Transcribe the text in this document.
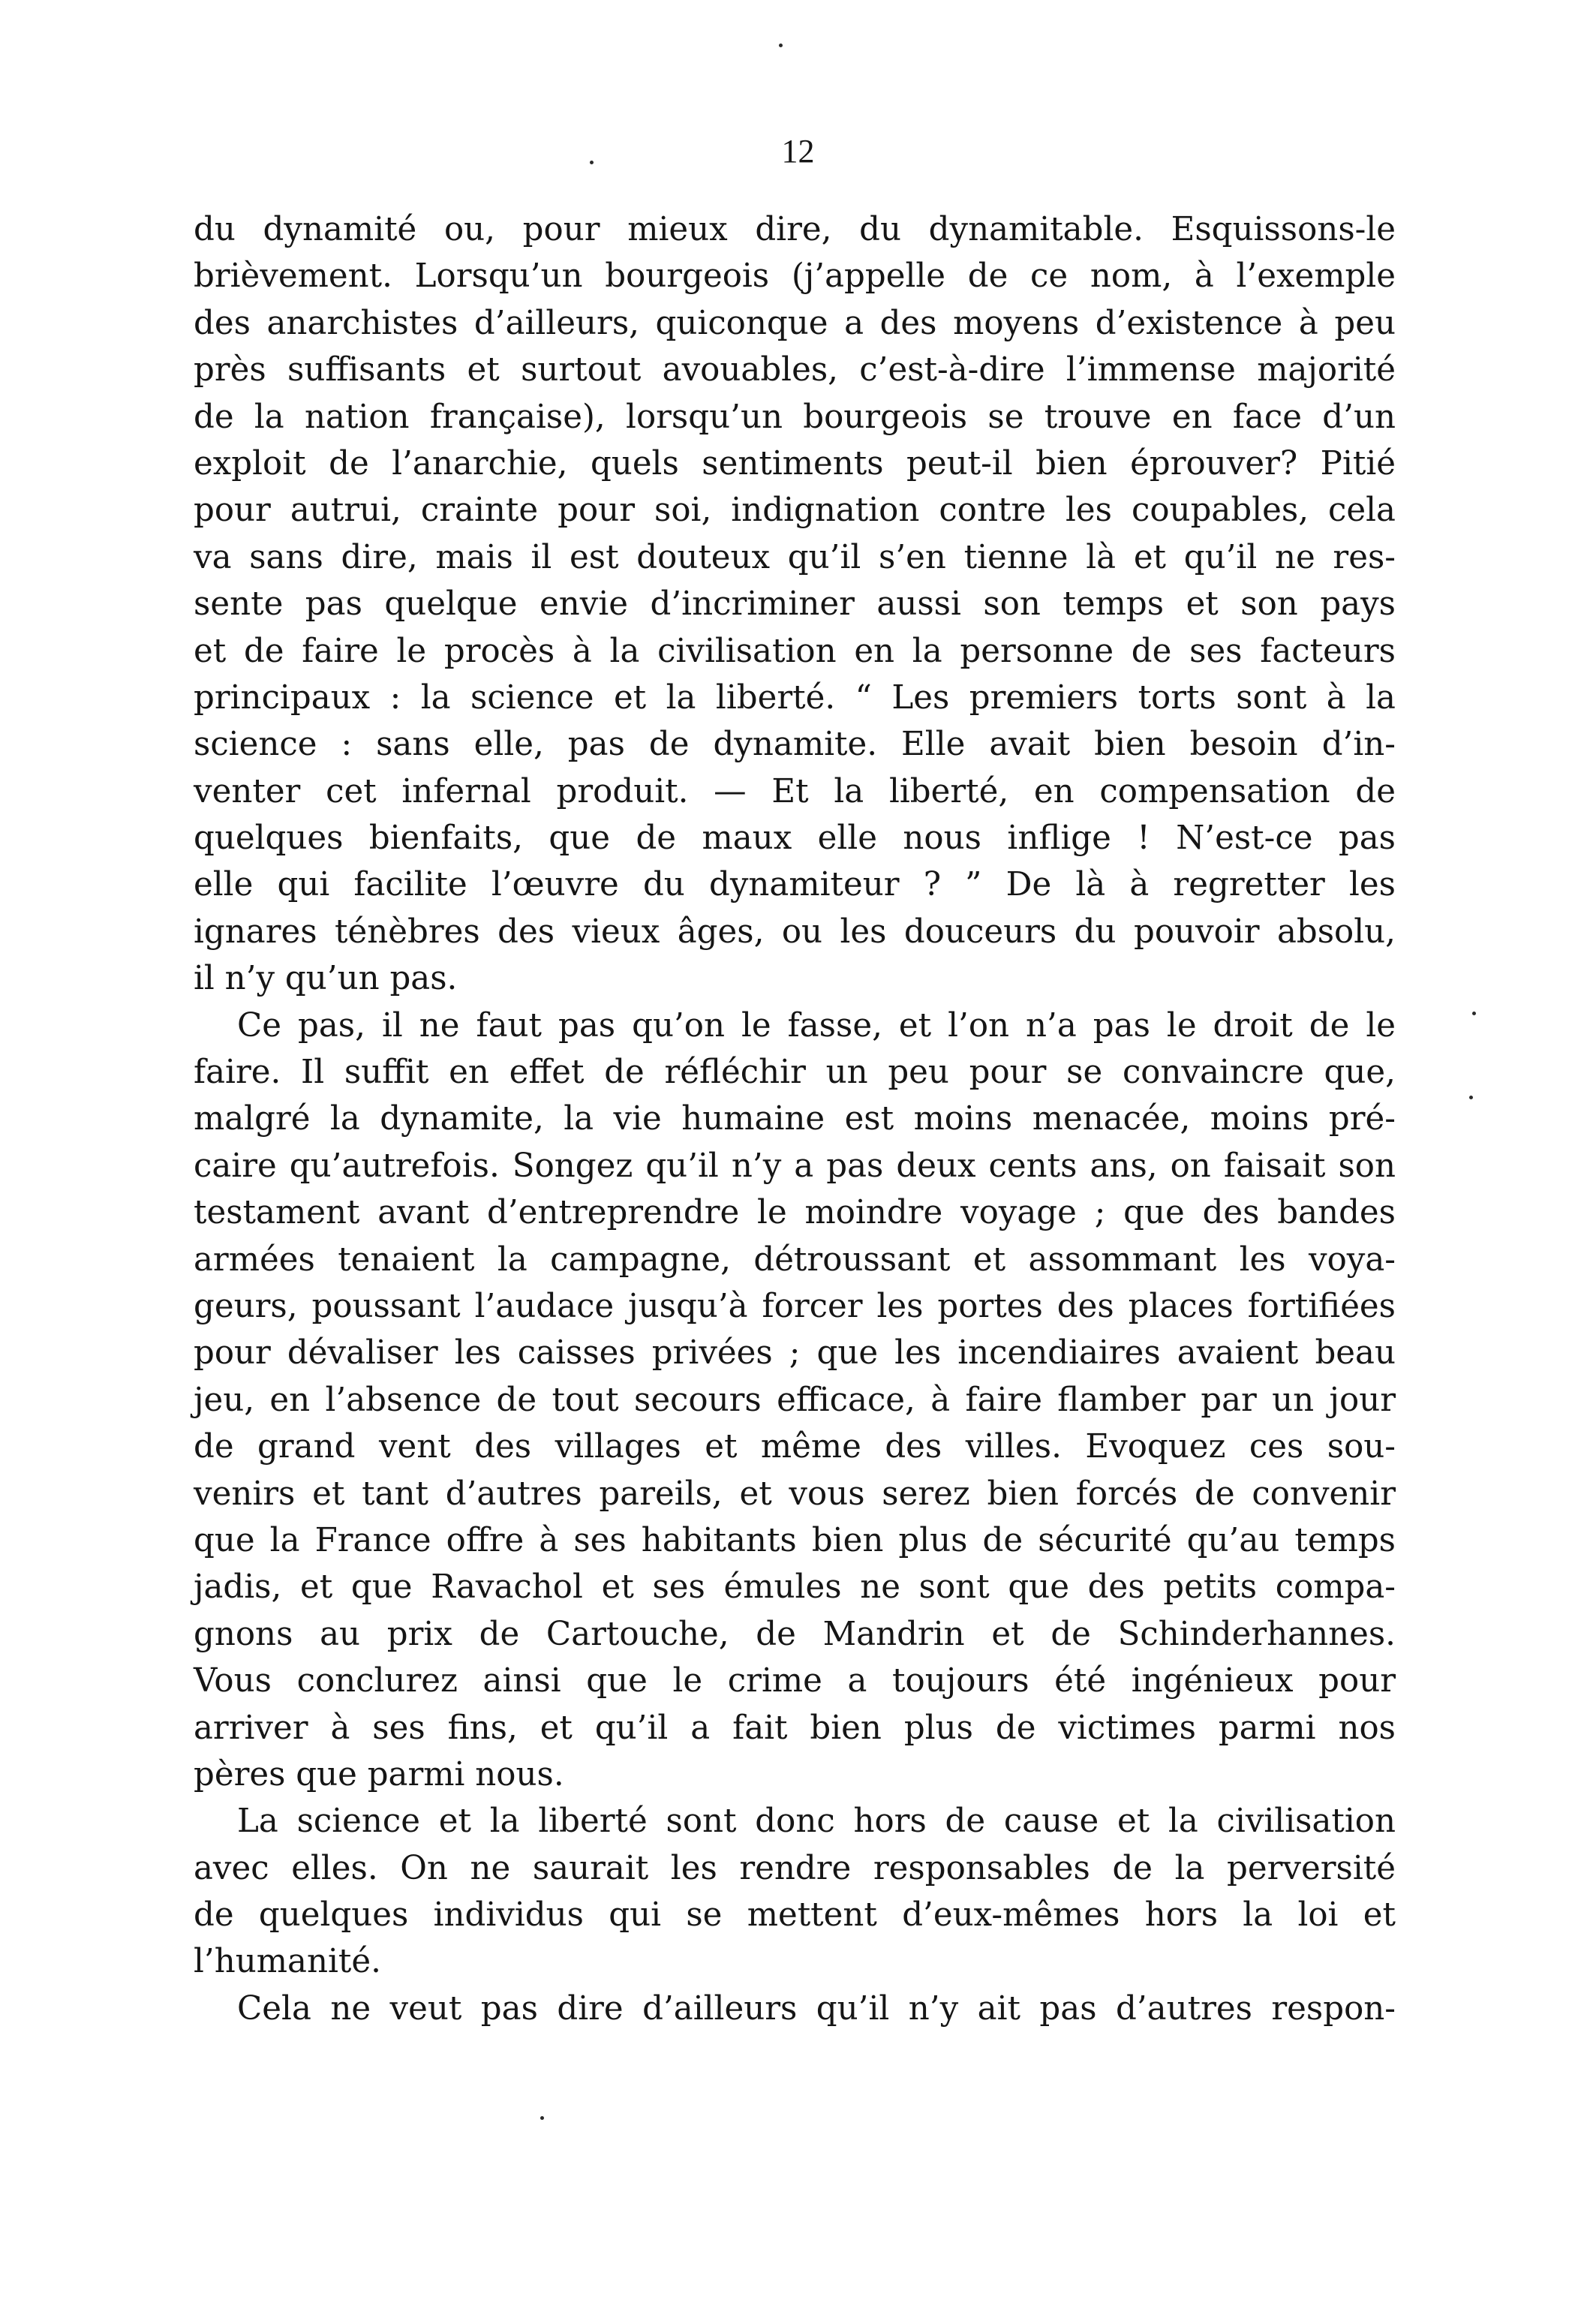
12
du dynamité ou, pour mieux dire, du dynamitable. Esquissons-le
brièvement. Lorsqu’un bourgeois (j’appelle de ce nom, à l’exemple
des anarchistes d’ailleurs, quiconque a des moyens d’existence à peu
près suffisants et surtout avouables, c’est-à-dire l’immense majorité
de la nation française), lorsqu’un bourgeois se trouve en face d’un
exploit de l’anarchie, quels sentiments peut-il bien éprouver? Pitié
pour autrui, crainte pour soi, indignation contre les coupables, cela
va sans dire, mais il est douteux qu’il s’en tienne là et qu’il ne res-
sente pas quelque envie d’incriminer aussi son temps et son pays
et de faire le procès à la civilisation en la personne de ses facteurs
principaux : la science et la liberté. “ Les premiers torts sont à la
science : sans elle, pas de dynamite. Elle avait bien besoin d’in-
venter cet infernal produit. — Et la liberté, en compensation de
quelques bienfaits, que de maux elle nous inflige ! N’est-ce pas
elle qui facilite l’œuvre du dynamiteur ? ” De là à regretter les
ignares ténèbres des vieux âges, ou les douceurs du pouvoir absolu,
il n’y qu’un pas.
Ce pas, il ne faut pas qu’on le fasse, et l’on n’a pas le droit de le
faire. Il suffit en effet de réfléchir un peu pour se convaincre que,
malgré la dynamite, la vie humaine est moins menacée, moins pré-
caire qu’autrefois. Songez qu’il n’y a pas deux cents ans, on faisait son
testament avant d’entreprendre le moindre voyage ; que des bandes
armées tenaient la campagne, détroussant et assommant les voya-
geurs, poussant l’audace jusqu’à forcer les portes des places fortifiées
pour dévaliser les caisses privées ; que les incendiaires avaient beau
jeu, en l’absence de tout secours efficace, à faire flamber par un jour
de grand vent des villages et même des villes. Evoquez ces sou-
venirs et tant d’autres pareils, et vous serez bien forcés de convenir
que la France offre à ses habitants bien plus de sécurité qu’au temps
jadis, et que Ravachol et ses émules ne sont que des petits compa-
gnons au prix de Cartouche, de Mandrin et de Schinderhannes.
Vous conclurez ainsi que le crime a toujours été ingénieux pour
arriver à ses fins, et qu’il a fait bien plus de victimes parmi nos
pères que parmi nous.
La science et la liberté sont donc hors de cause et la civilisation
avec elles. On ne saurait les rendre responsables de la perversité
de quelques individus qui se mettent d’eux-mêmes hors la loi et
l’humanité.
Cela ne veut pas dire d’ailleurs qu’il n’y ait pas d’autres respon-
